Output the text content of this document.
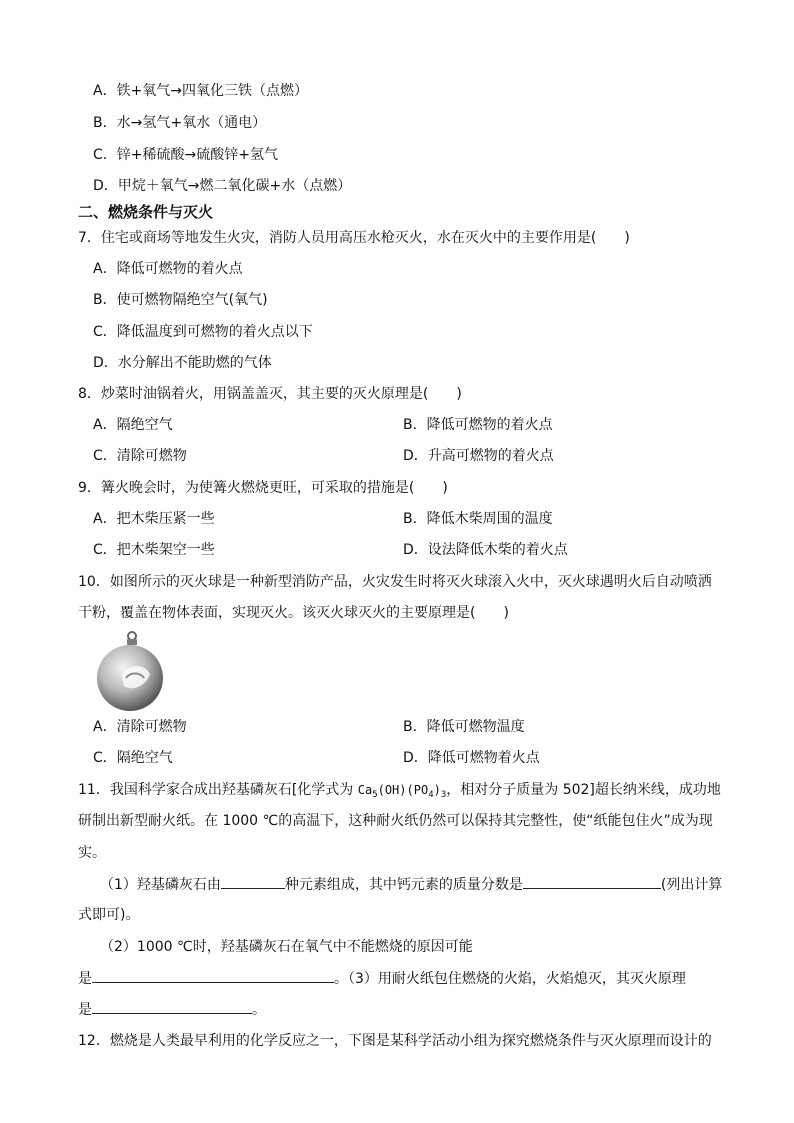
A．铁+氧气→四氧化三铁（点燃）
B．水→氢气+氧水（通电）
C．锌+稀硫酸→硫酸锌+氢气
D．甲烷＋氧气→燃二氧化碳+水（点燃）
二、燃烧条件与灭火
7．住宅或商场等地发生火灾，消防人员用高压水枪灭火，水在灭火中的主要作用是(　　)
A．降低可燃物的着火点
B．使可燃物隔绝空气(氧气)
C．降低温度到可燃物的着火点以下
D．水分解出不能助燃的气体
8．炒菜时油锅着火，用锅盖盖灭，其主要的灭火原理是(　　)
A．隔绝空气	B．降低可燃物的着火点
C．清除可燃物	D．升高可燃物的着火点
9．篝火晚会时，为使篝火燃烧更旺，可采取的措施是(　　)
A．把木柴压紧一些	B．降低木柴周围的温度
C．把木柴架空一些	D．设法降低木柴的着火点
10．如图所示的灭火球是一种新型消防产品，火灾发生时将灭火球滚入火中，灭火球遇明火后自动喷洒
干粉，覆盖在物体表面，实现灭火。该灭火球灭火的主要原理是(　　)
A．清除可燃物	B．降低可燃物温度
C．隔绝空气	D．降低可燃物着火点
11．我国科学家合成出羟基磷灰石[化学式为 $Ca_5(OH)(PO_4)_3$，相对分子质量为 502]超长纳米线，成功地
研制出新型耐火纸。在 1000 ℃的高温下，这种耐火纸仍然可以保持其完整性，使“纸能包住火”成为现
实。
（1）羟基磷灰石由	种元素组成，其中钙元素的质量分数是	(列出计算
式即可)。
（2）1000 ℃时，羟基磷灰石在氧气中不能燃烧的原因可能
是	。（3）用耐火纸包住燃烧的火焰，火焰熄灭，其灭火原理
是	。
12．燃烧是人类最早利用的化学反应之一，下图是某科学活动小组为探究燃烧条件与灭火原理而设计的
